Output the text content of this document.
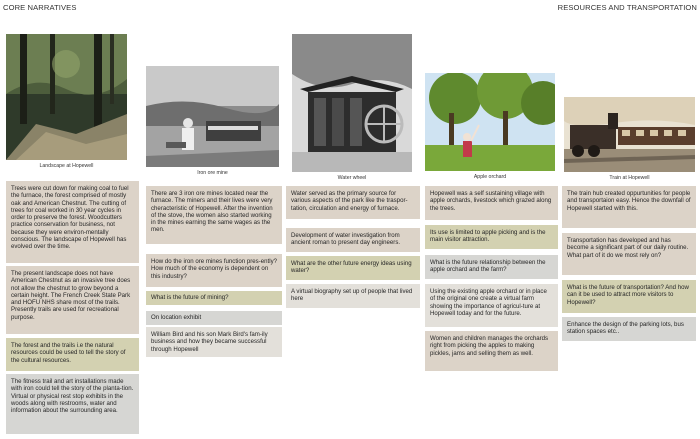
CORE NARRATIVES	RESOURCES AND TRANSPORTATION
Landscape at Hopewell
Trees were cut down for making coal to fuel the furnace, the forest comprised of mostly oak and American Chestnut. The cutting of trees for coal worked in 30 year cycles in order to preserve the forest. Woodcutters practice conservation for business, not because they were environ-mentally conscious. The landscape of Hopewell has evolved over the time.
The present landscape does not have American Chestnut as an invasive tree does not allow the chestnut to grow beyond a certain height. The French Creek State Park and HOFU NHS share most of the trails. Presently trails are used for recreational purpose.
The forest and the trails i.e the natural resources could be used to tell the story of the cultural resources.
The fitness trail and art installations made with iron could tell the story of the planta-tion. Virtual or physical rest stop exhibits in the woods along with restrooms, water and information about the surrounding area.
Iron ore mine
There are 3 iron ore mines located near the furnace. The miners and their lives were very cheracteristic of Hopewell. After the invention of the stove, the women also started working in the mines earning the same wages as the men.
How do the iron ore mines function pres-ently? How much of the economy is dependent on this industry?
What is the future of mining?
On location exhibit
William Bird and his son Mark Bird's fam-ily business and how they became successful through Hopewell
Water wheel
Water served as the primary source for various aspects of the park like the traspor-tation, circulation and energy of furnace.
Development of water investigation from ancient roman to present day engineers.
What are the other future energy ideas using water?
A virtual biography set up of people that lived here
Apple orchard
Hopewell was a self sustaining village with apple orchards, livestock which grazed along the trees.
Its use is limited to apple picking and is the main visitor attraction.
What is the future relationship between the apple orchard and the farm?
Using the existing apple orchard or in place of the original one create a virtual farm showing the importance of agricul-ture at Hopewell today and for the future.
Women and children manages the orchards right from picking the apples to making pickles, jams and selling them as well.
Train at Hopewell
The train hub created oppurtunities for people and transportaion easy. Hence the downfall of Hopewell started with this.
Transportation has developed and has become a significant part of our daily routine. What part of it do we most rely on?
What is the future of transportation? And how can it be used to attract more visitors to Hopewell?
Enhance the design of the parking lots, bus station spaces etc..
